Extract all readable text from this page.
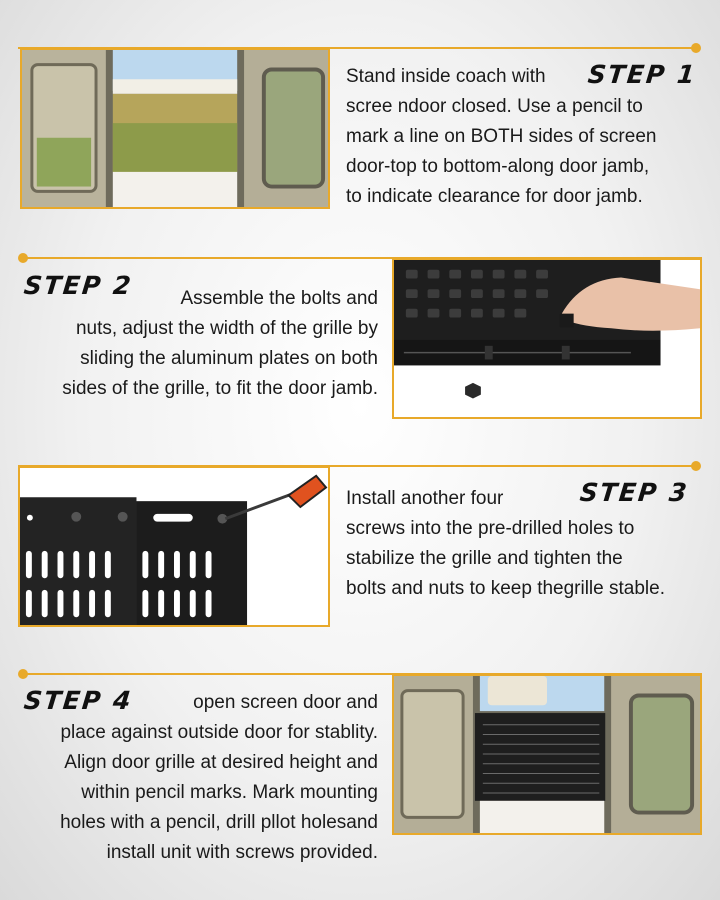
STEP 1
Stand inside coach with
scree ndoor closed. Use a pencil to
mark a line on BOTH sides of screen
door-top to bottom-along door jamb,
to indicate clearance for door jamb.
STEP 2	Assemble the bolts and
nuts, adjust the width of the grille by
sliding the aluminum plates on both
sides of the grille, to fit the door jamb.
STEP 3
Install another four
screws into the pre-drilled holes to
stabilize the grille and tighten the
bolts and nuts to keep thegrille stable.
STEP 4	open screen door and
place against outside door for stablity.
Align door grille at desired height and
within pencil marks. Mark mounting
holes with a pencil, drill pllot holesand
install unit with screws provided.
